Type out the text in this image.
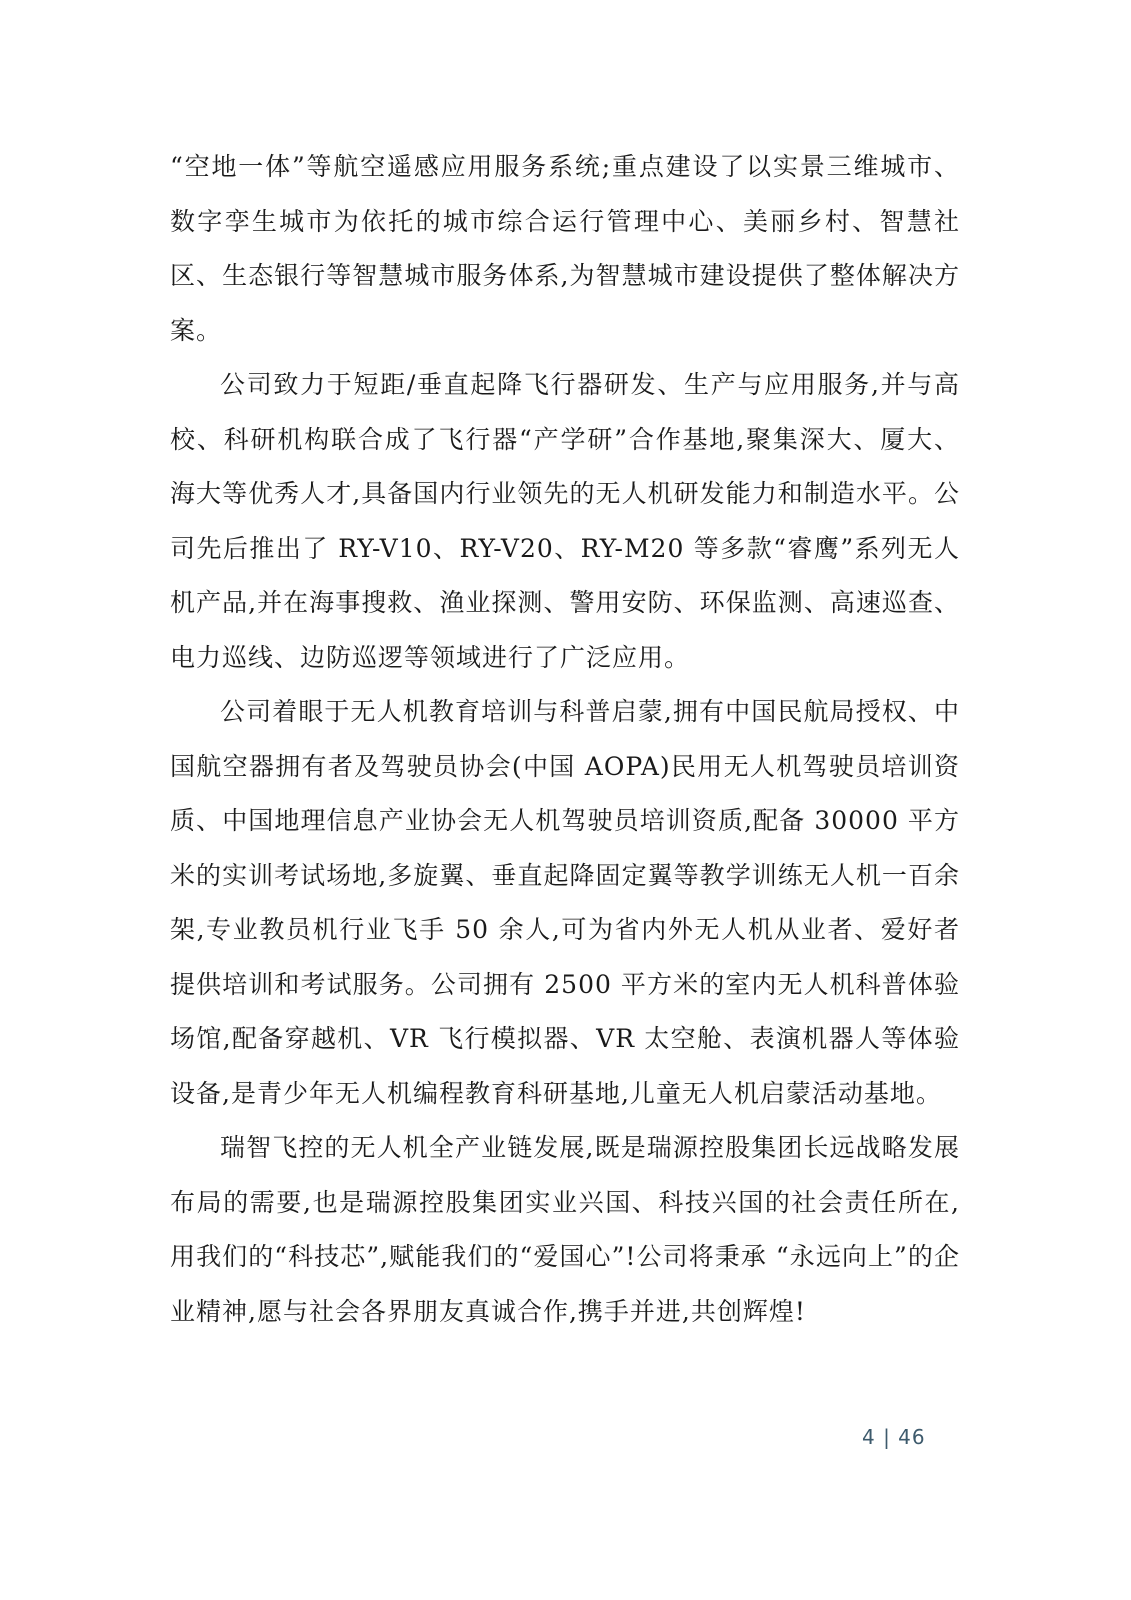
“空地一体”等航空遥感应用服务系统;重点建设了以实景三维城市、数字孪生城市为依托的城市综合运行管理中心、美丽乡村、智慧社区、生态银行等智慧城市服务体系,为智慧城市建设提供了整体解决方案。

公司致力于短距/垂直起降飞行器研发、生产与应用服务,并与高校、科研机构联合成了飞行器“产学研”合作基地,聚集深大、厦大、海大等优秀人才,具备国内行业领先的无人机研发能力和制造水平。公司先后推出了 RY-V10、RY-V20、RY-M20 等多款“睿鹰”系列无人机产品,并在海事搜救、渔业探测、警用安防、环保监测、高速巡查、电力巡线、边防巡逻等领域进行了广泛应用。

公司着眼于无人机教育培训与科普启蒙,拥有中国民航局授权、中国航空器拥有者及驾驶员协会(中国 AOPA)民用无人机驾驶员培训资质、中国地理信息产业协会无人机驾驶员培训资质,配备 30000 平方米的实训考试场地,多旋翼、垂直起降固定翼等教学训练无人机一百余架,专业教员机行业飞手 50 余人,可为省内外无人机从业者、爱好者提供培训和考试服务。公司拥有 2500 平方米的室内无人机科普体验场馆,配备穿越机、VR 飞行模拟器、VR 太空舱、表演机器人等体验设备,是青少年无人机编程教育科研基地,儿童无人机启蒙活动基地。

瑞智飞控的无人机全产业链发展,既是瑞源控股集团长远战略发展布局的需要,也是瑞源控股集团实业兴国、科技兴国的社会责任所在,用我们的“科技芯”,赋能我们的“爱国心”!公司将秉承 “永远向上”的企业精神,愿与社会各界朋友真诚合作,携手并进,共创辉煌!

4 | 46
